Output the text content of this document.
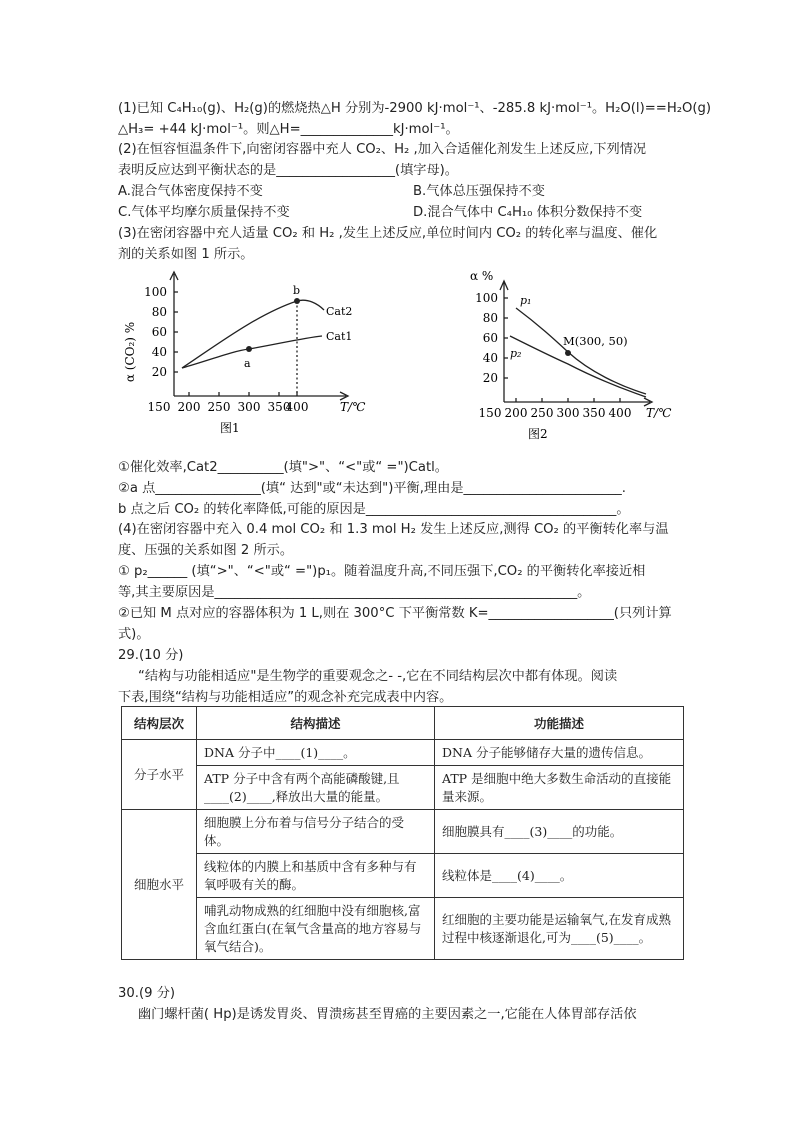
(1)已知 C₄H₁₀(g)、H₂(g)的燃烧热△H 分别为-2900 kJ·mol⁻¹、-285.8 kJ·mol⁻¹。H₂O(l)==H₂O(g)
△H₃= +44 kJ·mol⁻¹。则△H=______________kJ·mol⁻¹。
(2)在恒容恒温条件下,向密闭容器中充人 CO₂、H₂ ,加入合适催化剂发生上述反应,下列情况
表明反应达到平衡状态的是__________________(填字母)。
A.混合气体密度保持不变	B.气体总压强保持不变
C.气体平均摩尔质量保持不变	D.混合气体中 C₄H₁₀ 体积分数保持不变
(3)在密闭容器中充人适量 CO₂ 和 H₂ ,发生上述反应,单位时间内 CO₂ 的转化率与温度、催化
剂的关系如图 1 所示。
α (CO₂) %
100
80
60
40
20
150 200 250 300 350
400	T/℃
a
b
Cat2
Cat1
图1
α %
100
80
60
40
20
150 200 250 300 350 400 T/℃
p₁
p₂
M(300, 50)
图2
①催化效率,Cat2__________(填">"、“<"或“ =")Catl。
②a 点________________(填“ 达到"或“未达到")平衡,理由是________________________.
b 点之后 CO₂ 的转化率降低,可能的原因是______________________________________。
(4)在密闭容器中充入 0.4 mol CO₂ 和 1.3 mol H₂ 发生上述反应,测得 CO₂ 的平衡转化率与温
度、压强的关系如图 2 所示。
① p₂______ (填“>"、“<"或“ =")p₁。随着温度升高,不同压强下,CO₂ 的平衡转化率接近相
等,其主要原因是_______________________________________________________。
②已知 M 点对应的容器体积为 1 L,则在 300°C 下平衡常数 K=___________________(只列计算
式)。
29.(10 分)
“结构与功能相适应"是生物学的重要观念之- -,它在不同结构层次中都有体现。阅读
下表,围绕“结构与功能相适应”的观念补充完成表中内容。
结构层次	结构描述	功能描述
分子水平	DNA 分子中____(1)____。	DNA 分子能够储存大量的遗传信息。
	ATP 分子中含有两个高能磷酸键,且____(2)____,释放出大量的能量。	ATP 是细胞中绝大多数生命活动的直接能量来源。
细胞水平	细胞膜上分布着与信号分子结合的受体。	细胞膜具有____(3)____的功能。
	线粒体的内膜上和基质中含有多种与有氧呼吸有关的酶。	线粒体是____(4)____。
	哺乳动物成熟的红细胞中没有细胞核,富含血红蛋白(在氧气含量高的地方容易与氧气结合)。	红细胞的主要功能是运输氧气,在发育成熟过程中核逐渐退化,可为____(5)____。
30.(9 分)
幽门螺杆菌( Hp)是诱发胃炎、胃溃疡甚至胃癌的主要因素之一,它能在人体胃部存活依
